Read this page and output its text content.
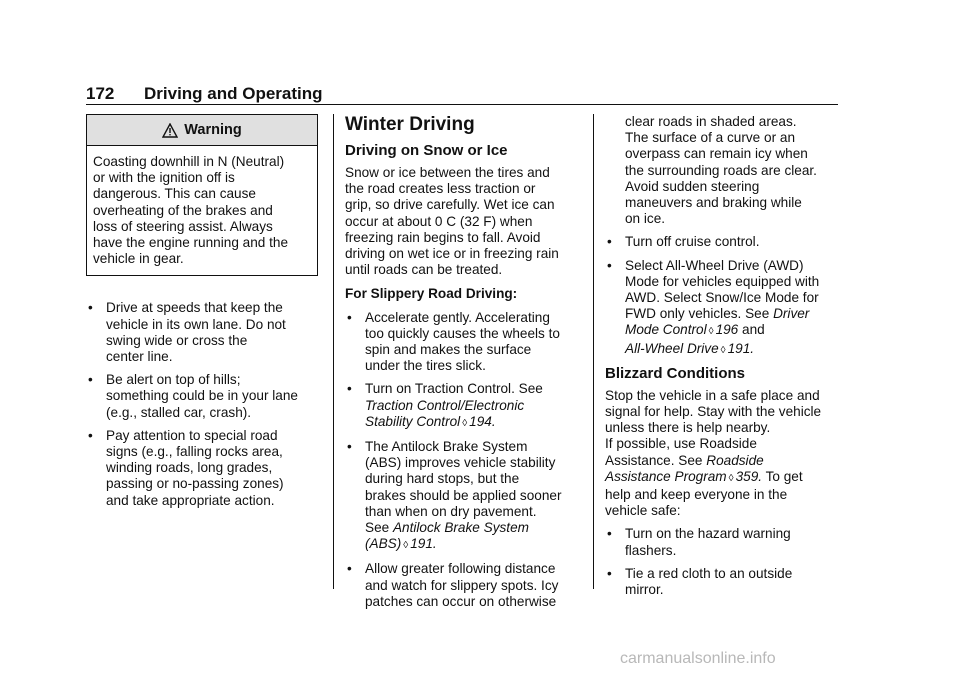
172 Driving and Operating
Warning

Coasting downhill in N (Neutral)

or with the ignition off is

dangerous. This can cause

overheating of the brakes and

loss of steering assist. Always

have the engine running and the

vehicle in gear.

• Drive at speeds that keep the

vehicle in its own lane. Do not

swing wide or cross the

center line.

• Be alert on top of hills;

something could be in your lane

(e.g., stalled car, crash).

• Pay attention to special road

signs (e.g., falling rocks area,

winding roads, long grades,

passing or no-passing zones)

and take appropriate action.

Winter Driving
Driving on Snow or Ice

Snow or ice between the tires and

the road creates less traction or

grip, so drive carefully. Wet ice can

occur at about 0 C (32 F) when

freezing rain begins to fall. Avoid

driving on wet ice or in freezing rain

until roads can be treated.

For Slippery Road Driving:

• Accelerate gently. Accelerating

too quickly causes the wheels to

spin and makes the surface

under the tires slick.

• Turn on Traction Control. See

Traction Control/Electronic

Stability Control ◊ 194.

• The Antilock Brake System

(ABS) improves vehicle stability

during hard stops, but the

brakes should be applied sooner

than when on dry pavement.

See Antilock Brake System

(ABS) ◊ 191.

• Allow greater following distance

and watch for slippery spots. Icy

patches can occur on otherwise

clear roads in shaded areas.

The surface of a curve or an

overpass can remain icy when

the surrounding roads are clear.

Avoid sudden steering

maneuvers and braking while

on ice.

• Turn off cruise control.

• Select All-Wheel Drive (AWD)

Mode for vehicles equipped with

AWD. Select Snow/Ice Mode for

FWD only vehicles. See Driver

Mode Control ◊ 196 and

All-Wheel Drive ◊ 191.

Blizzard Conditions

Stop the vehicle in a safe place and

signal for help. Stay with the vehicle

unless there is help nearby.

If possible, use Roadside

Assistance. See Roadside

Assistance Program ◊ 359. To get

help and keep everyone in the

vehicle safe:

• Turn on the hazard warning

flashers.

• Tie a red cloth to an outside

mirror.

carmanualsonline.info
